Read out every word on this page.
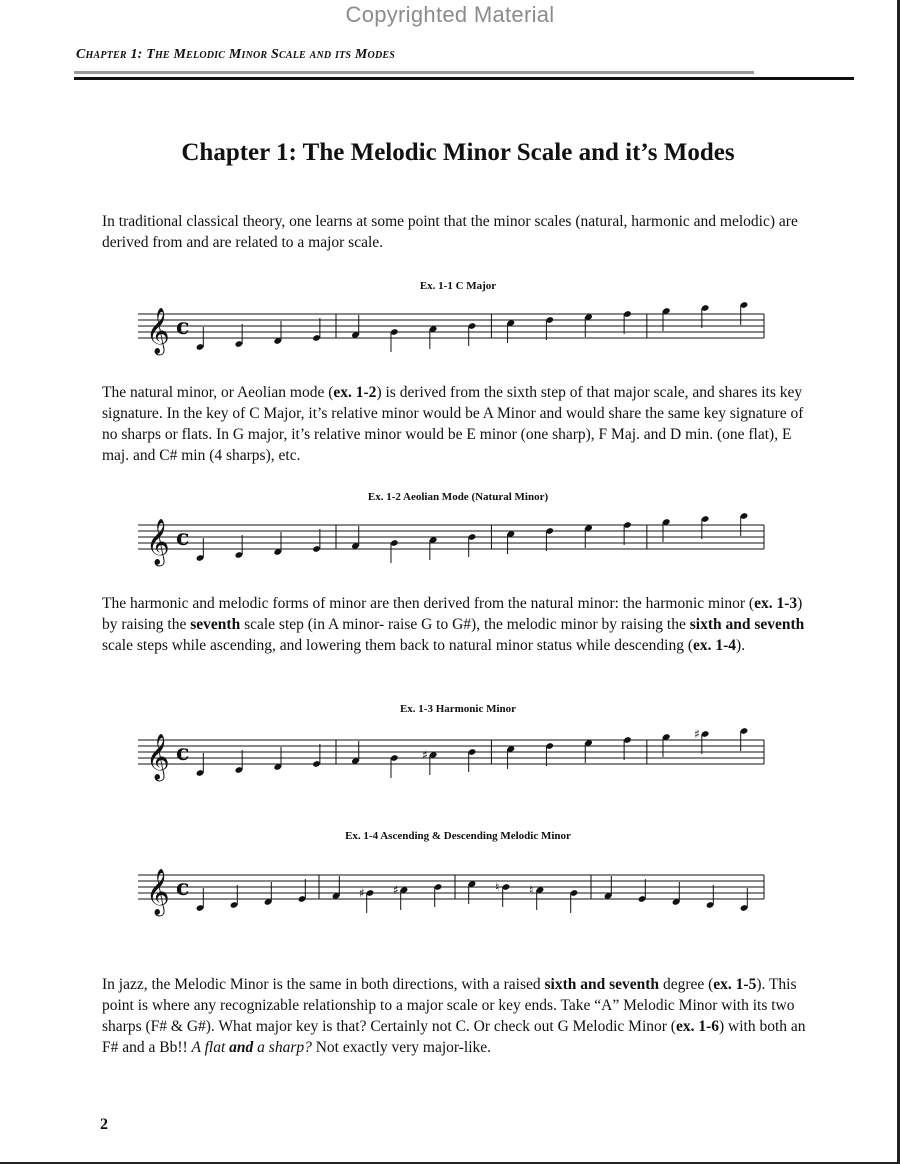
Copyrighted Material
Chapter 1: The Melodic Minor Scale and its Modes
Chapter 1: The Melodic Minor Scale and it’s Modes

In traditional classical theory, one learns at some point that the minor scales (natural, harmonic and melodic) are derived from and are related to a major scale.

Ex. 1-1 C Major
𝄞 c

The natural minor, or Aeolian mode (ex. 1-2) is derived from the sixth step of that major scale, and shares its key signature. In the key of C Major, it’s relative minor would be A Minor and would share the same key signature of no sharps or flats. In G major, it’s relative minor would be E minor (one sharp), F Maj. and D min. (one flat), E maj. and C# min (4 sharps), etc.

Ex. 1-2 Aeolian Mode (Natural Minor)
𝄞 c

The harmonic and melodic forms of minor are then derived from the natural minor: the harmonic minor (ex. 1-3) by raising the seventh scale step (in A minor- raise G to G#), the melodic minor by raising the sixth and seventh scale steps while ascending, and lowering them back to natural minor status while descending (ex. 1-4).

Ex. 1-3 Harmonic Minor
𝄞 c	♯
♯
Ex. 1-4 Ascending & Descending Melodic Minor
𝄞 c	♯ ♯	♮ ♮

In jazz, the Melodic Minor is the same in both directions, with a raised sixth and seventh degree (ex. 1-5). This point is where any recognizable relationship to a major scale or key ends. Take “A” Melodic Minor with its two sharps (F# & G#). What major key is that? Certainly not C. Or check out G Melodic Minor (ex. 1-6) with both an F# and a Bb!! A flat and a sharp? Not exactly very major-like.

2
